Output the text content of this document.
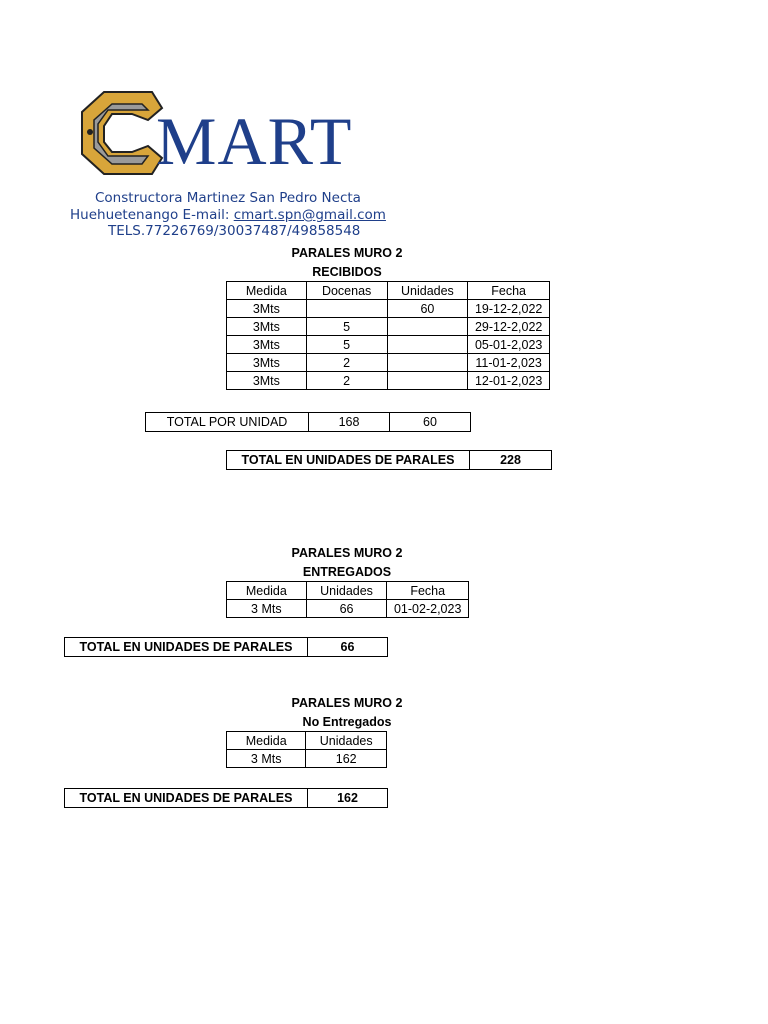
MART
Constructora Martinez San Pedro Necta
Huehuetenango E-mail: cmart.spn@gmail.com
TELS.77226769/30037487/49858548
PARALES MURO 2
RECIBIDOS
Medida	Docenas	Unidades	Fecha
3Mts		60	19-12-2,022
3Mts	5		29-12-2,022
3Mts	5		05-01-2,023
3Mts	2		11-01-2,023
3Mts	2		12-01-2,023
TOTAL POR UNIDAD	168	60
TOTAL EN UNIDADES DE PARALES	228
PARALES MURO 2
ENTREGADOS
Medida	Unidades	Fecha
3 Mts	66	01-02-2,023
TOTAL EN UNIDADES DE PARALES	66
PARALES MURO 2
No Entregados
Medida	Unidades
3 Mts	162
TOTAL EN UNIDADES DE PARALES	162
